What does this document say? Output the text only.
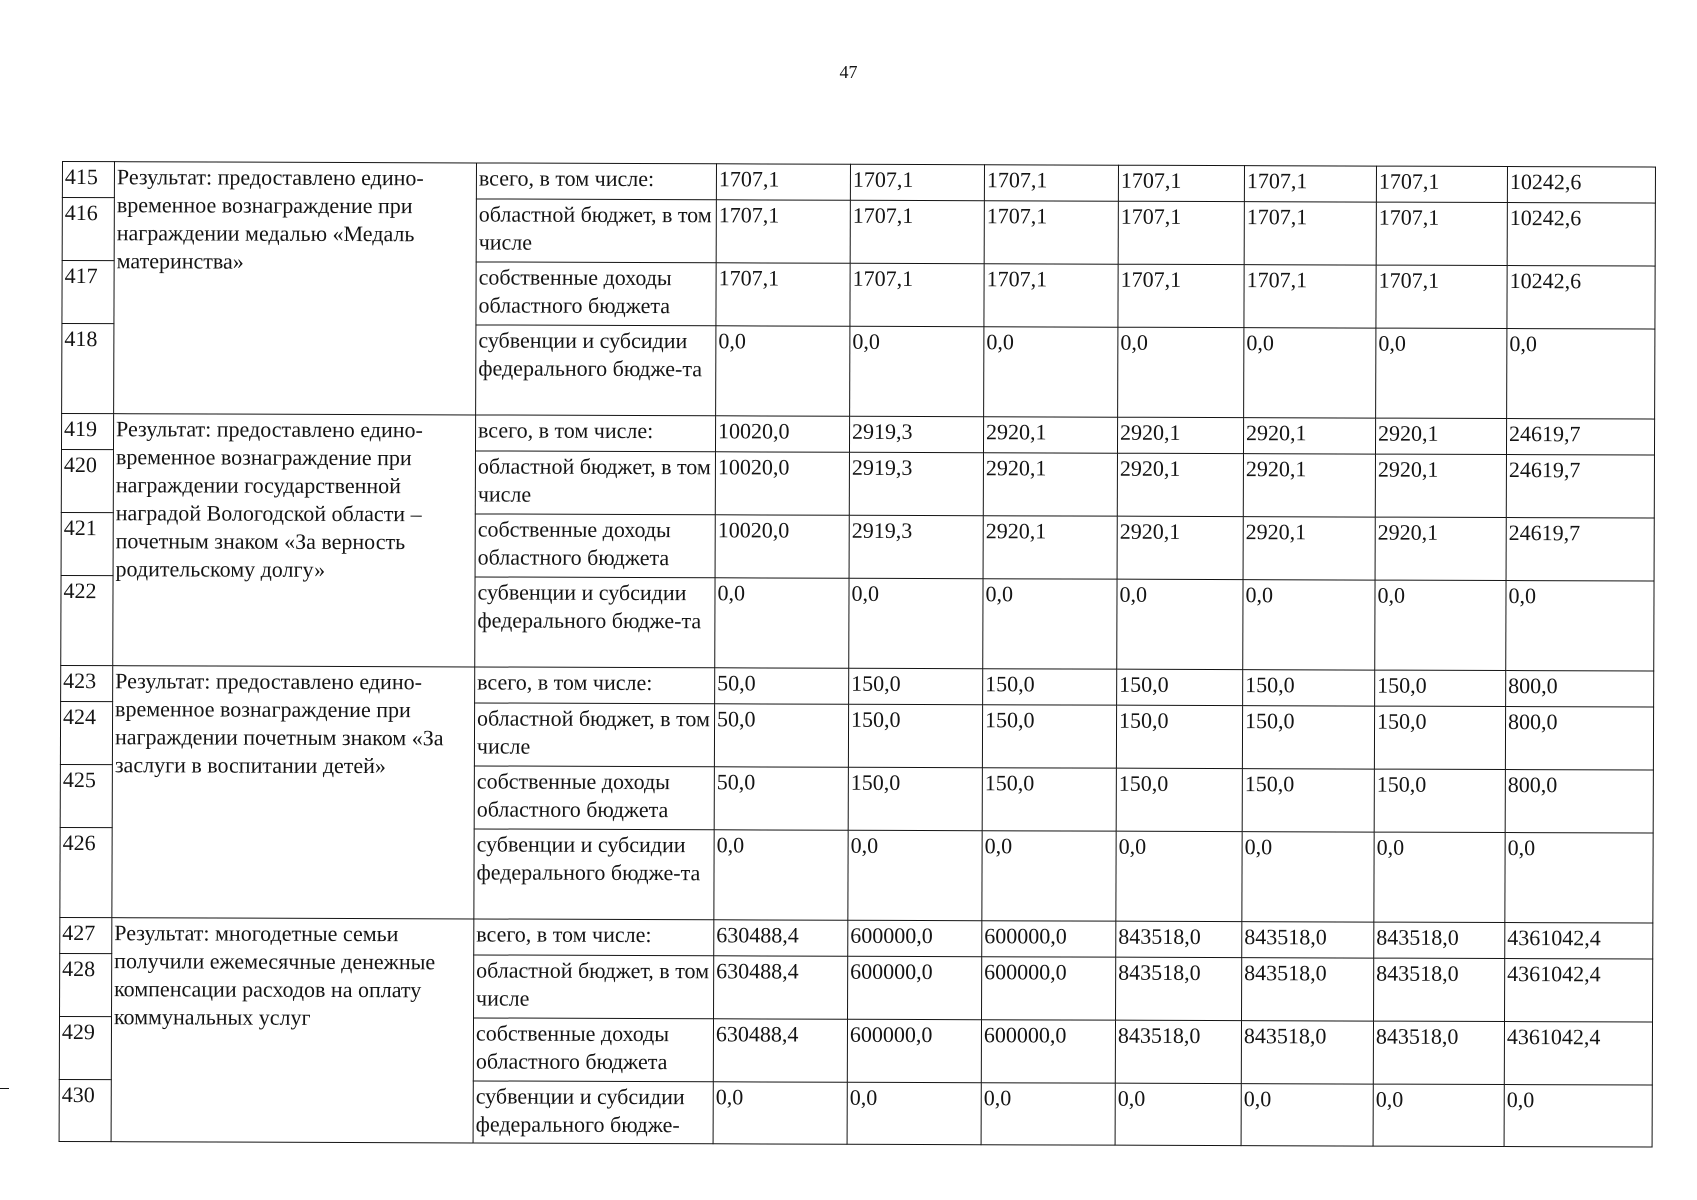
47
415	Результат: предоставлено едино-временное вознаграждение при награждении медалью «Медаль материнства»	всего, в том числе:	1707,1	1707,1	1707,1	1707,1	1707,1	1707,1	10242,6
416		областной бюджет, в том числе	1707,1	1707,1	1707,1	1707,1	1707,1	1707,1	10242,6
417		собственные доходы областного бюджета	1707,1	1707,1	1707,1	1707,1	1707,1	1707,1	10242,6
418		субвенции и субсидии федерального бюдже-та	0,0	0,0	0,0	0,0	0,0	0,0	0,0
419	Результат: предоставлено едино-временное вознаграждение при награждении государственной наградой Вологодской области – почетным знаком «За верность родительскому долгу»	всего, в том числе:	10020,0	2919,3	2920,1	2920,1	2920,1	2920,1	24619,7
420		областной бюджет, в том числе	10020,0	2919,3	2920,1	2920,1	2920,1	2920,1	24619,7
421		собственные доходы областного бюджета	10020,0	2919,3	2920,1	2920,1	2920,1	2920,1	24619,7
422		субвенции и субсидии федерального бюдже-та	0,0	0,0	0,0	0,0	0,0	0,0	0,0
423	Результат: предоставлено едино-временное вознаграждение при награждении почетным знаком «За заслуги в воспитании детей»	всего, в том числе:	50,0	150,0	150,0	150,0	150,0	150,0	800,0
424		областной бюджет, в том числе	50,0	150,0	150,0	150,0	150,0	150,0	800,0
425		собственные доходы областного бюджета	50,0	150,0	150,0	150,0	150,0	150,0	800,0
426		субвенции и субсидии федерального бюдже-та	0,0	0,0	0,0	0,0	0,0	0,0	0,0
427	Результат: многодетные семьи получили ежемесячные денежные компенсации расходов на оплату коммунальных услуг	всего, в том числе:	630488,4	600000,0	600000,0	843518,0	843518,0	843518,0	4361042,4
428		областной бюджет, в том числе	630488,4	600000,0	600000,0	843518,0	843518,0	843518,0	4361042,4
429		собственные доходы областного бюджета	630488,4	600000,0	600000,0	843518,0	843518,0	843518,0	4361042,4
430		субвенции и субсидии федерального бюдже-	0,0	0,0	0,0	0,0	0,0	0,0	0,0
